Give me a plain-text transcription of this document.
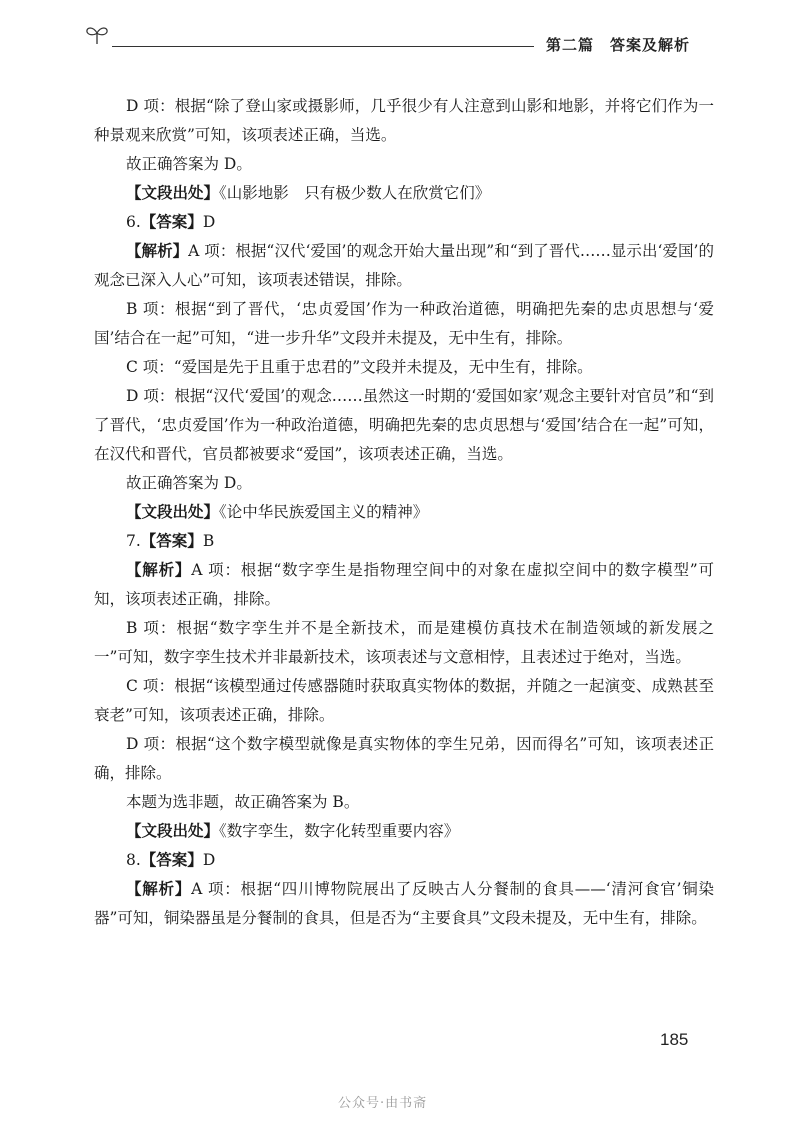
第二篇　答案及解析

D 项：根据“除了登山家或摄影师，几乎很少有人注意到山影和地影，并将它们作为一种景观来欣赏”可知，该项表述正确，当选。

故正确答案为 D。

【文段出处】《山影地影　只有极少数人在欣赏它们》

6.【答案】D

【解析】A 项：根据“汉代‘爱国’的观念开始大量出现”和“到了晋代……显示出‘爱国’的观念已深入人心”可知，该项表述错误，排除。

B 项：根据“到了晋代，‘忠贞爱国’作为一种政治道德，明确把先秦的忠贞思想与‘爱国’结合在一起”可知，“进一步升华”文段并未提及，无中生有，排除。

C 项：“爱国是先于且重于忠君的”文段并未提及，无中生有，排除。

D 项：根据“汉代‘爱国’的观念……虽然这一时期的‘爱国如家’观念主要针对官员”和“到了晋代，‘忠贞爱国’作为一种政治道德，明确把先秦的忠贞思想与‘爱国’结合在一起”可知，在汉代和晋代，官员都被要求“爱国”，该项表述正确，当选。

故正确答案为 D。

【文段出处】《论中华民族爱国主义的精神》

7.【答案】B

【解析】A 项：根据“数字孪生是指物理空间中的对象在虚拟空间中的数字模型”可知，该项表述正确，排除。

B 项：根据“数字孪生并不是全新技术，而是建模仿真技术在制造领域的新发展之一”可知，数字孪生技术并非最新技术，该项表述与文意相悖，且表述过于绝对，当选。

C 项：根据“该模型通过传感器随时获取真实物体的数据，并随之一起演变、成熟甚至衰老”可知，该项表述正确，排除。

D 项：根据“这个数字模型就像是真实物体的孪生兄弟，因而得名”可知，该项表述正确，排除。

本题为选非题，故正确答案为 B。

【文段出处】《数字孪生，数字化转型重要内容》

8.【答案】D

【解析】A 项：根据“四川博物院展出了反映古人分餐制的食具——‘清河食官’铜染器”可知，铜染器虽是分餐制的食具，但是否为“主要食具”文段未提及，无中生有，排除。

185
公众号·由书斋
